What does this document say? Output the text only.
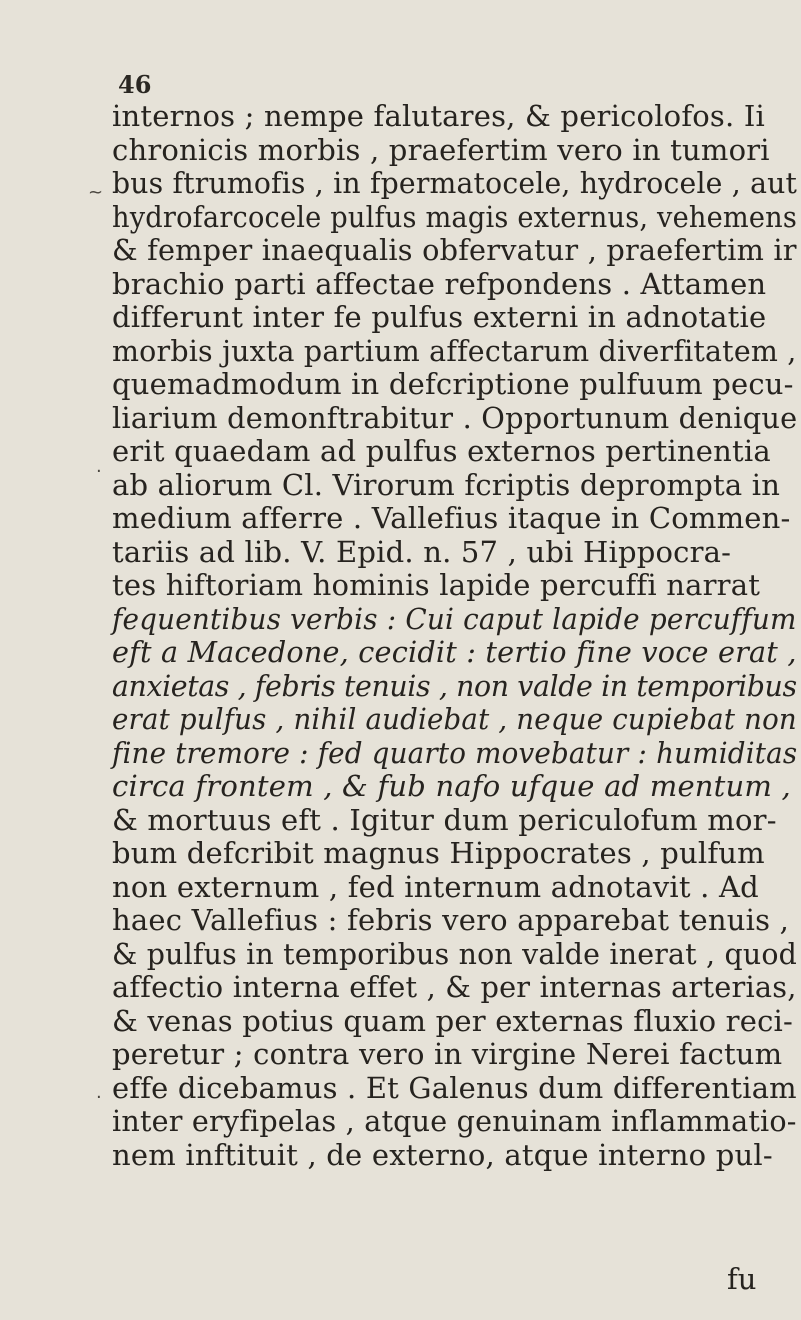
46
~
.
.
internos ; nempe falutares, & pericolofos. Ii
chronicis morbis , praefertim vero in tumori
bus ftrumofis , in fpermatocele, hydrocele , aut
hydrofarcocele pulfus magis externus, vehemens
& femper inaequalis obfervatur , praefertim ir
brachio parti affectae refpondens . Attamen
differunt inter fe pulfus externi in adnotatie
morbis juxta partium affectarum diverfitatem ,
quemadmodum in defcriptione pulfuum pecu-
liarium demonftrabitur . Opportunum denique
erit quaedam ad pulfus externos pertinentia
ab aliorum Cl. Virorum fcriptis deprompta in
medium afferre . Vallefius itaque in Commen-
tariis ad lib. V. Epid. n. 57 , ubi Hippocra-
tes hiftoriam hominis lapide percuffi narrat
fequentibus verbis : Cui caput lapide percuffum
eft a Macedone, cecidit : tertio fine voce erat ,
anxietas , febris tenuis , non valde in temporibus
erat pulfus , nihil audiebat , neque cupiebat non
fine tremore : fed quarto movebatur : humiditas
circa frontem , & fub nafo ufque ad mentum ,
& mortuus eft . Igitur dum periculofum mor-
bum defcribit magnus Hippocrates , pulfum
non externum , fed internum adnotavit . Ad
haec Vallefius : febris vero apparebat tenuis ,
& pulfus in temporibus non valde inerat , quod
affectio interna effet , & per internas arterias,
& venas potius quam per externas fluxio reci-
peretur ; contra vero in virgine Nerei factum
effe dicebamus . Et Galenus dum differentiam
inter eryfipelas , atque genuinam inflammatio-
nem inftituit , de externo, atque interno pul-
fu
